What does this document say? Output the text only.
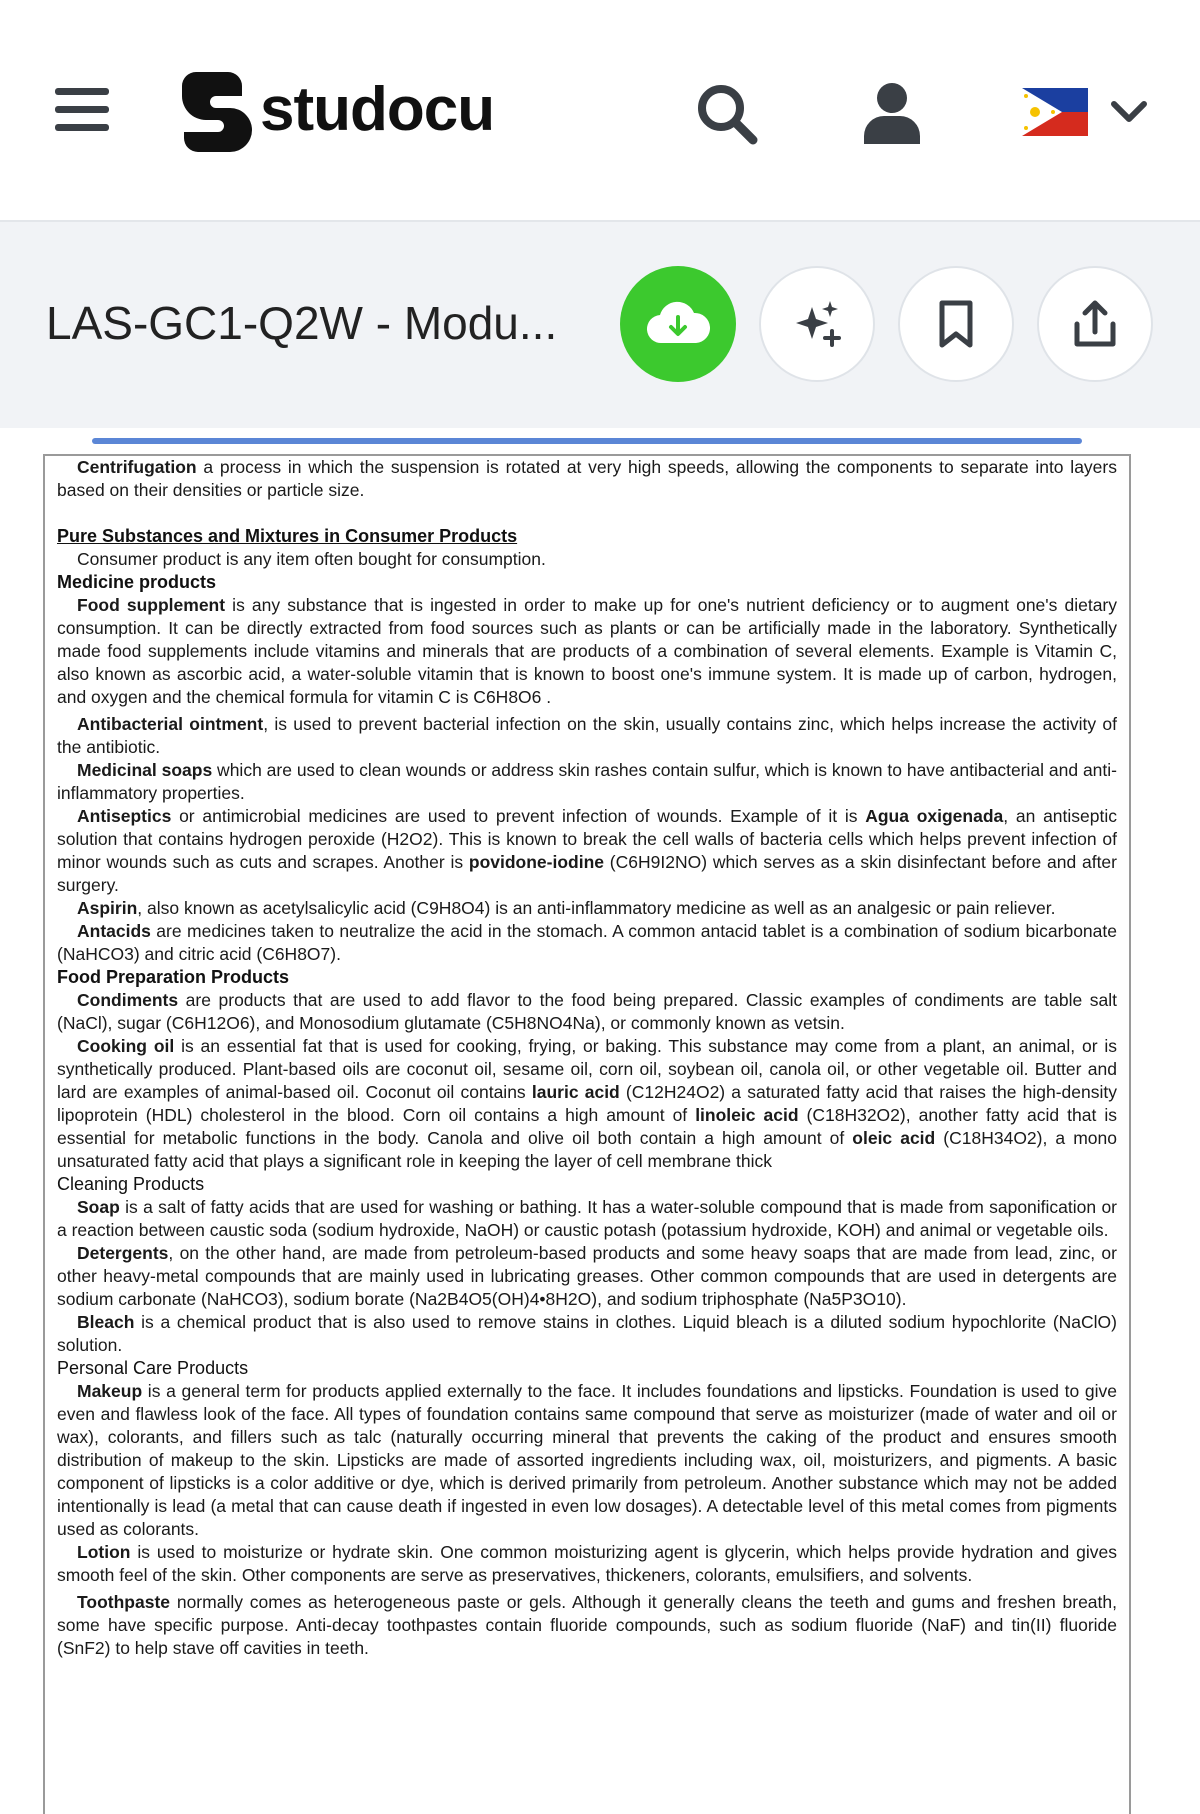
studocu
LAS-GC1-Q2W - Modu...

Centrifugation a process in which the suspension is rotated at very high speeds, allowing the components to separate into layers based on their densities or particle size.

Pure Substances and Mixtures in Consumer Products

Consumer product is any item often bought for consumption.

Medicine products

Food supplement is any substance that is ingested in order to make up for one's nutrient deficiency or to augment one's dietary consumption. It can be directly extracted from food sources such as plants or can be artificially made in the laboratory. Synthetically made food supplements include vitamins and minerals that are products of a combination of several elements. Example is Vitamin C, also known as ascorbic acid, a water-soluble vitamin that is known to boost one's immune system. It is made up of carbon, hydrogen, and oxygen and the chemical formula for vitamin C is C6H8O6 .

Antibacterial ointment, is used to prevent bacterial infection on the skin, usually contains zinc, which helps increase the activity of the antibiotic.

Medicinal soaps which are used to clean wounds or address skin rashes contain sulfur, which is known to have antibacterial and anti-inflammatory properties.

Antiseptics or antimicrobial medicines are used to prevent infection of wounds. Example of it is Agua oxigenada, an antiseptic solution that contains hydrogen peroxide (H2O2). This is known to break the cell walls of bacteria cells which helps prevent infection of minor wounds such as cuts and scrapes. Another is povidone-iodine (C6H9I2NO) which serves as a skin disinfectant before and after surgery.

Aspirin, also known as acetylsalicylic acid (C9H8O4) is an anti-inflammatory medicine as well as an analgesic or pain reliever.

Antacids are medicines taken to neutralize the acid in the stomach. A common antacid tablet is a combination of sodium bicarbonate (NaHCO3) and citric acid (C6H8O7).

Food Preparation Products

Condiments are products that are used to add flavor to the food being prepared. Classic examples of condiments are table salt (NaCl), sugar (C6H12O6), and Monosodium glutamate (C5H8NO4Na), or commonly known as vetsin.

Cooking oil is an essential fat that is used for cooking, frying, or baking. This substance may come from a plant, an animal, or is synthetically produced. Plant-based oils are coconut oil, sesame oil, corn oil, soybean oil, canola oil, or other vegetable oil. Butter and lard are examples of animal-based oil. Coconut oil contains lauric acid (C12H24O2) a saturated fatty acid that raises the high-density lipoprotein (HDL) cholesterol in the blood. Corn oil contains a high amount of linoleic acid (C18H32O2), another fatty acid that is essential for metabolic functions in the body. Canola and olive oil both contain a high amount of oleic acid (C18H34O2), a mono unsaturated fatty acid that plays a significant role in keeping the layer of cell membrane thick

Cleaning Products

Soap is a salt of fatty acids that are used for washing or bathing. It has a water-soluble compound that is made from saponification or a reaction between caustic soda (sodium hydroxide, NaOH) or caustic potash (potassium hydroxide, KOH) and animal or vegetable oils.

Detergents, on the other hand, are made from petroleum-based products and some heavy soaps that are made from lead, zinc, or other heavy-metal compounds that are mainly used in lubricating greases. Other common compounds that are used in detergents are sodium carbonate (NaHCO3), sodium borate (Na2B4O5(OH)4•8H2O), and sodium triphosphate (Na5P3O10).

Bleach is a chemical product that is also used to remove stains in clothes. Liquid bleach is a diluted sodium hypochlorite (NaClO) solution.

Personal Care Products

Makeup is a general term for products applied externally to the face. It includes foundations and lipsticks. Foundation is used to give even and flawless look of the face. All types of foundation contains same compound that serve as moisturizer (made of water and oil or wax), colorants, and fillers such as talc (naturally occurring mineral that prevents the caking of the product and ensures smooth distribution of makeup to the skin. Lipsticks are made of assorted ingredients including wax, oil, moisturizers, and pigments. A basic component of lipsticks is a color additive or dye, which is derived primarily from petroleum. Another substance which may not be added intentionally is lead (a metal that can cause death if ingested in even low dosages). A detectable level of this metal comes from pigments used as colorants.

Lotion is used to moisturize or hydrate skin. One common moisturizing agent is glycerin, which helps provide hydration and gives smooth feel of the skin. Other components are serve as preservatives, thickeners, colorants, emulsifiers, and solvents.

Toothpaste normally comes as heterogeneous paste or gels. Although it generally cleans the teeth and gums and freshen breath, some have specific purpose. Anti-decay toothpastes contain fluoride compounds, such as sodium fluoride (NaF) and tin(II) fluoride (SnF2) to help stave off cavities in teeth.
